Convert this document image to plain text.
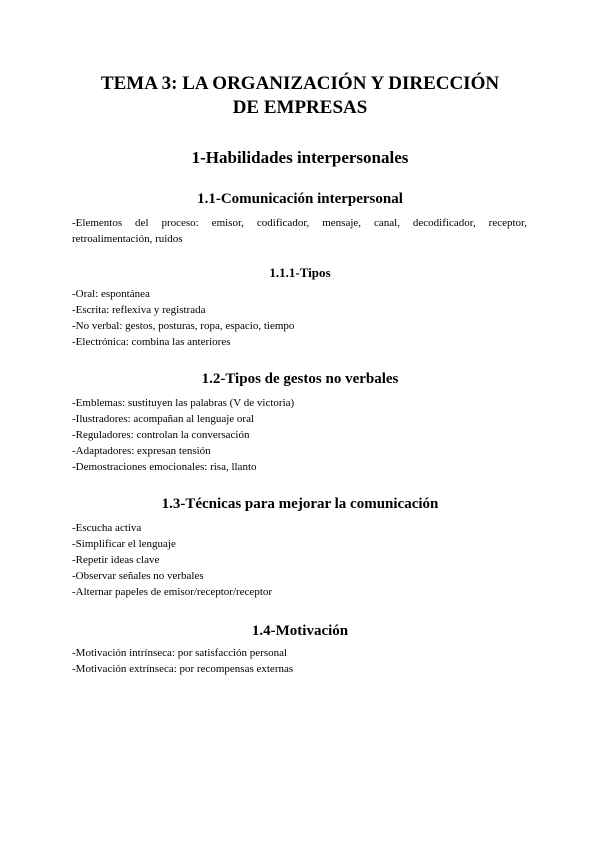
TEMA 3: LA ORGANIZACIÓN Y DIRECCIÓN
DE EMPRESAS
1-Habilidades interpersonales
1.1-Comunicación interpersonal

-Elementos del proceso: emisor, codificador, mensaje, canal, decodificador, receptor, retroalimentación, ruidos

1.1.1-Tipos
-Oral: espontánea
-Escrita: reflexiva y registrada
-No verbal: gestos, posturas, ropa, espacio, tiempo
-Electrónica: combina las anteriores
1.2-Tipos de gestos no verbales
-Emblemas: sustituyen las palabras (V de victoria)
-Ilustradores: acompañan al lenguaje oral
-Reguladores: controlan la conversación
-Adaptadores: expresan tensión
-Demostraciones emocionales: risa, llanto
1.3-Técnicas para mejorar la comunicación
-Escucha activa
-Simplificar el lenguaje
-Repetir ideas clave
-Observar señales no verbales
-Alternar papeles de emisor/receptor/receptor
1.4-Motivación
-Motivación intrínseca: por satisfacción personal
-Motivación extrínseca: por recompensas externas
